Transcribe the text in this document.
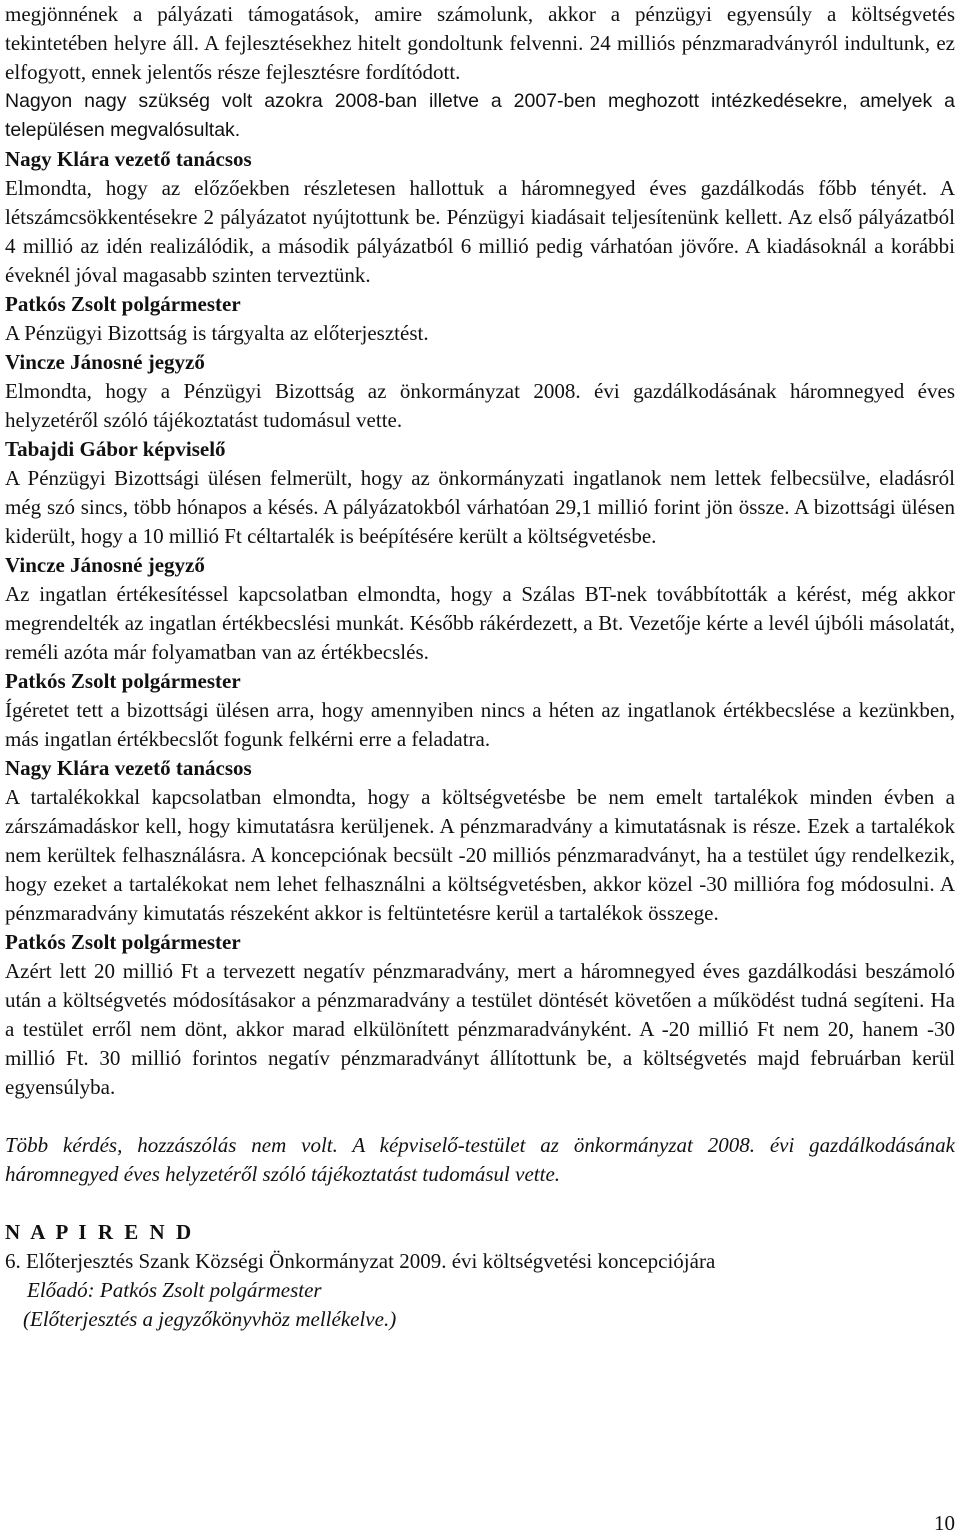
megjönnének a pályázati támogatások, amire számolunk, akkor a pénzügyi egyensúly a költségvetés tekintetében helyre áll. A fejlesztésekhez hitelt gondoltunk felvenni. 24 milliós pénzmaradványról indultunk, ez elfogyott, ennek jelentős része fejlesztésre fordítódott.

Nagyon nagy szükség volt azokra 2008-ban illetve a 2007-ben meghozott intézkedésekre, amelyek a településen megvalósultak.

Nagy Klára vezető tanácsos

Elmondta, hogy az előzőekben részletesen hallottuk a háromnegyed éves gazdálkodás főbb tényét. A létszámcsökkentésekre 2 pályázatot nyújtottunk be. Pénzügyi kiadásait teljesítenünk kellett. Az első pályázatból 4 millió az idén realizálódik, a második pályázatból 6 millió pedig várhatóan jövőre. A kiadásoknál a korábbi éveknél jóval magasabb szinten terveztünk.

Patkós Zsolt polgármester

A Pénzügyi Bizottság is tárgyalta az előterjesztést.

Vincze Jánosné jegyző

Elmondta, hogy a Pénzügyi Bizottság az önkormányzat 2008. évi gazdálkodásának háromnegyed éves helyzetéről szóló tájékoztatást tudomásul vette.

Tabajdi Gábor képviselő

A Pénzügyi Bizottsági ülésen felmerült, hogy az önkormányzati ingatlanok nem lettek felbecsülve, eladásról még szó sincs, több hónapos a késés. A pályázatokból várhatóan 29,1 millió forint jön össze. A bizottsági ülésen kiderült, hogy a 10 millió Ft céltartalék is beépítésére került a költségvetésbe.

Vincze Jánosné jegyző

Az ingatlan értékesítéssel kapcsolatban elmondta, hogy a Szálas BT-nek továbbították a kérést, még akkor megrendelték az ingatlan értékbecslési munkát. Később rákérdezett, a Bt. Vezetője kérte a levél újbóli másolatát, reméli azóta már folyamatban van az értékbecslés.

Patkós Zsolt polgármester

Ígéretet tett a bizottsági ülésen arra, hogy amennyiben nincs a héten az ingatlanok értékbecslése a kezünkben, más ingatlan értékbecslőt fogunk felkérni erre a feladatra.

Nagy Klára vezető tanácsos

A tartalékokkal kapcsolatban elmondta, hogy a költségvetésbe be nem emelt tartalékok minden évben a zárszámadáskor kell, hogy kimutatásra kerüljenek. A pénzmaradvány a kimutatásnak is része. Ezek a tartalékok nem kerültek felhasználásra. A koncepciónak becsült -20 milliós pénzmaradványt, ha a testület úgy rendelkezik, hogy ezeket a tartalékokat nem lehet felhasználni a költségvetésben, akkor közel -30 millióra fog módosulni. A pénzmaradvány kimutatás részeként akkor is feltüntetésre kerül a tartalékok összege.

Patkós Zsolt polgármester

Azért lett 20 millió Ft a tervezett negatív pénzmaradvány, mert a háromnegyed éves gazdálkodási beszámoló után a költségvetés módosításakor a pénzmaradvány a testület döntését követően a működést tudná segíteni. Ha a testület erről nem dönt, akkor marad elkülönített pénzmaradványként. A -20 millió Ft nem 20, hanem -30 millió Ft. 30 millió forintos negatív pénzmaradványt állítottunk be, a költségvetés majd februárban kerül egyensúlyba.

Több kérdés, hozzászólás nem volt. A képviselő-testület az önkormányzat 2008. évi gazdálkodásának háromnegyed éves helyzetéről szóló tájékoztatást tudomásul vette.

N A P I R E N D

6. Előterjesztés Szank Községi Önkormányzat 2009. évi költségvetési koncepciójára

Előadó: Patkós Zsolt polgármester

(Előterjesztés a jegyzőkönyvhöz mellékelve.)

10
